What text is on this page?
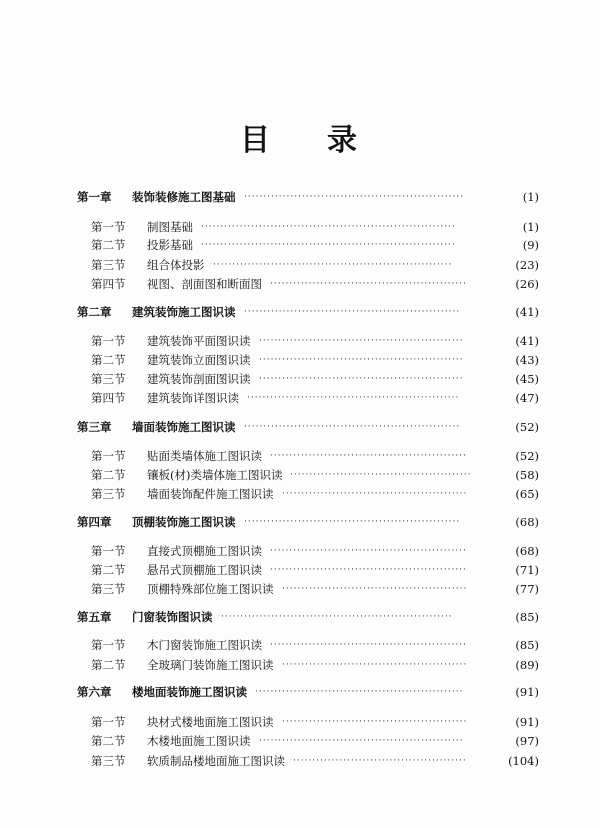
目 录
第一章 装饰装修施工图基础 ·························································	(1)
第一节 制图基础 ··································································	(1)
第二节 投影基础 ··································································	(9)
第三节 组合体投影 ······························································	(23)
第四节 视图、剖面图和断面图 ···················································	(26)
第二章 建筑装饰施工图识读 ························································	(41)
第一节 建筑装饰平面图识读 ·····················································	(41)
第二节 建筑装饰立面图识读 ·····················································	(43)
第三节 建筑装饰剖面图识读 ·····················································	(45)
第四节 建筑装饰详图识读 ·······················································	(47)
第三章 墙面装饰施工图识读 ························································	(52)
第一节 贴面类墙体施工图识读 ···················································	(52)
第二节 镶板(材)类墙体施工图识读 ···············································	(58)
第三节 墙面装饰配件施工图识读 ················································	(65)
第四章 顶棚装饰施工图识读 ························································	(68)
第一节 直接式顶棚施工图识读 ···················································	(68)
第二节 悬吊式顶棚施工图识读 ···················································	(71)
第三节 顶棚特殊部位施工图识读 ················································	(77)
第五章 门窗装饰图识读 ····························································	(85)
第一节 木门窗装饰施工图识读 ···················································	(85)
第二节 全玻璃门装饰施工图识读 ················································	(89)
第六章 楼地面装饰施工图识读 ······················································	(91)
第一节 块材式楼地面施工图识读 ················································	(91)
第二节 木楼地面施工图识读 ·····················································	(97)
第三节 软质制品楼地面施工图识读 ·············································	(104)
